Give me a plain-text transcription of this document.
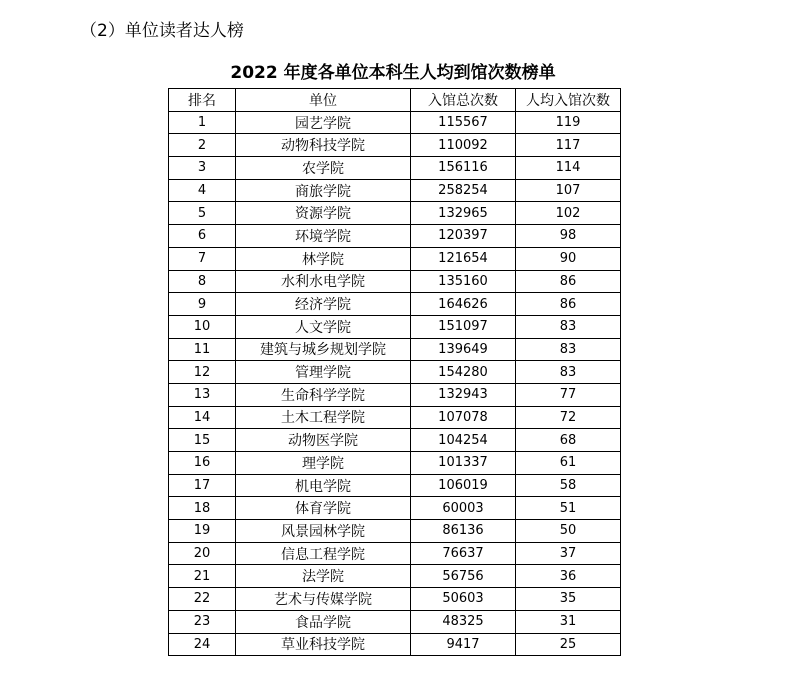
（2）单位读者达人榜
2022 年度各单位本科生人均到馆次数榜单
排名	单位	入馆总次数	人均入馆次数
1	园艺学院	115567	119
2	动物科技学院	110092	117
3	农学院	156116	114
4	商旅学院	258254	107
5	资源学院	132965	102
6	环境学院	120397	98
7	林学院	121654	90
8	水利水电学院	135160	86
9	经济学院	164626	86
10	人文学院	151097	83
11	建筑与城乡规划学院	139649	83
12	管理学院	154280	83
13	生命科学学院	132943	77
14	土木工程学院	107078	72
15	动物医学院	104254	68
16	理学院	101337	61
17	机电学院	106019	58
18	体育学院	60003	51
19	风景园林学院	86136	50
20	信息工程学院	76637	37
21	法学院	56756	36
22	艺术与传媒学院	50603	35
23	食品学院	48325	31
24	草业科技学院	9417	25
